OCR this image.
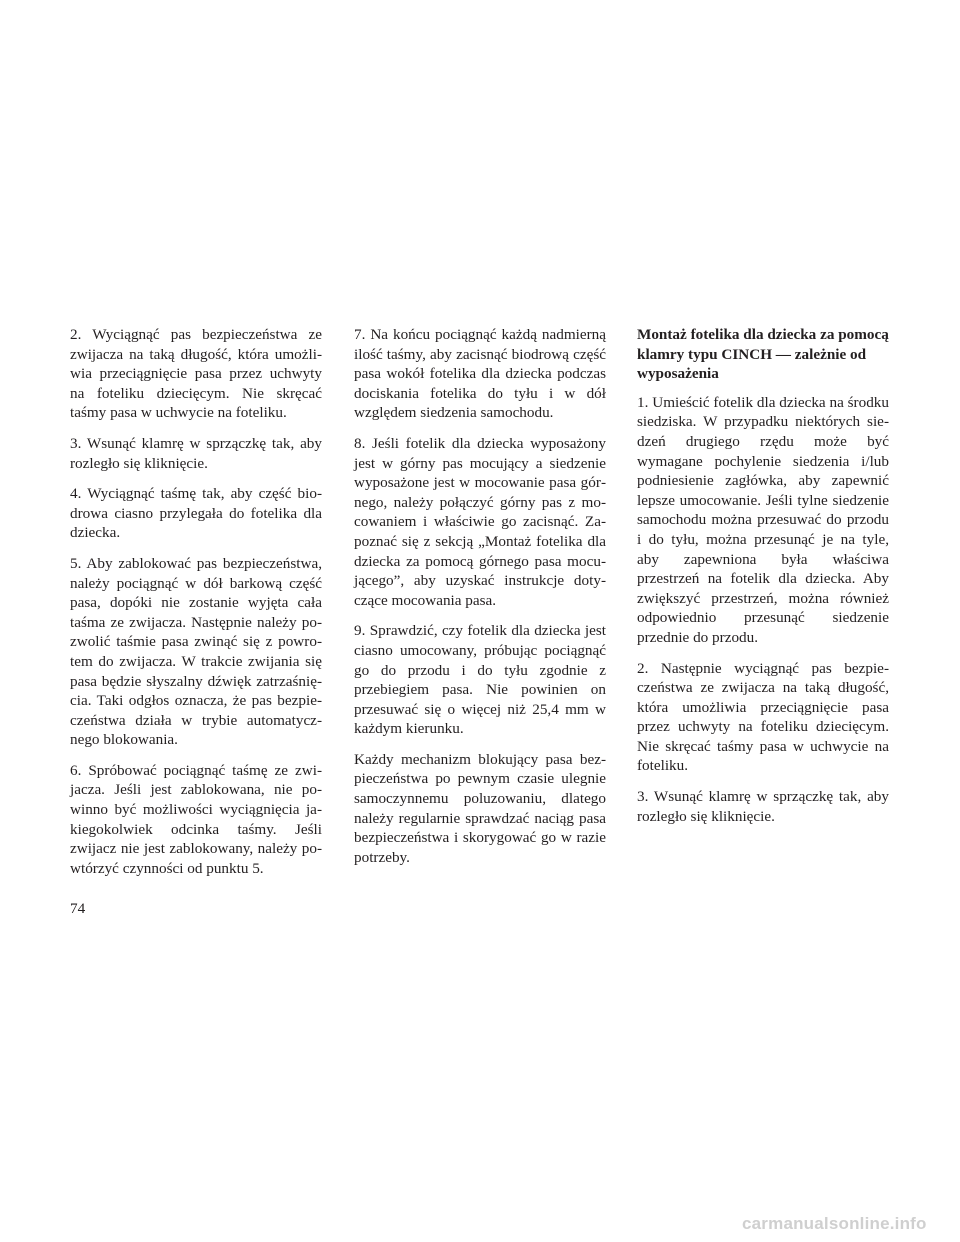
2. Wyciągnąć pas bezpieczeństwa ze zwijacza na taką długość, która umożliwia przeciągnięcie pasa przez uchwyty na foteliku dziecięcym. Nie skręcać taśmy pasa w uchwycie na foteliku.

3. Wsunąć klamrę w sprzączkę tak, aby rozległo się kliknięcie.

4. Wyciągnąć taśmę tak, aby część biodrowa ciasno przylegała do fotelika dla dziecka.

5. Aby zablokować pas bezpieczeństwa, należy pociągnąć w dół barkową część pasa, dopóki nie zostanie wyjęta cała taśma ze zwijacza. Następnie należy pozwolić taśmie pasa zwinąć się z powrotem do zwijacza. W trakcie zwijania się pasa będzie słyszalny dźwięk zatrzaśnięcia. Taki odgłos oznacza, że pas bezpieczeństwa działa w trybie automatycznego blokowania.

6. Spróbować pociągnąć taśmę ze zwijacza. Jeśli jest zablokowana, nie powinno być możliwości wyciągnięcia jakiegokolwiek odcinka taśmy. Jeśli zwijacz nie jest zablokowany, należy powtórzyć czynności od punktu 5.

7. Na końcu pociągnąć każdą nadmierną ilość taśmy, aby zacisnąć biodrową część pasa wokół fotelika dla dziecka podczas dociskania fotelika do tyłu i w dół względem siedzenia samochodu.

8. Jeśli fotelik dla dziecka wyposażony jest w górny pas mocujący a siedzenie wyposażone jest w mocowanie pasa górnego, należy połączyć górny pas z mocowaniem i właściwie go zacisnąć. Zapoznać się z sekcją „Montaż fotelika dla dziecka za pomocą górnego pasa mocującego”, aby uzyskać instrukcje dotyczące mocowania pasa.

9. Sprawdzić, czy fotelik dla dziecka jest ciasno umocowany, próbując pociągnąć go do przodu i do tyłu zgodnie z przebiegiem pasa. Nie powinien on przesuwać się o więcej niż 25,4 mm w każdym kierunku.

Każdy mechanizm blokujący pasa bezpieczeństwa po pewnym czasie ulegnie samoczynnemu poluzowaniu, dlatego należy regularnie sprawdzać naciąg pasa bezpieczeństwa i skorygować go w razie potrzeby.

Montaż fotelika dla dziecka za pomocą klamry typu CINCH — zależnie od wyposażenia

1. Umieścić fotelik dla dziecka na środku siedziska. W przypadku niektórych siedzeń drugiego rzędu może być wymagane pochylenie siedzenia i/lub podniesienie zagłówka, aby zapewnić lepsze umocowanie. Jeśli tylne siedzenie samochodu można przesuwać do przodu i do tyłu, można przesunąć je na tyle, aby zapewniona była właściwa przestrzeń na fotelik dla dziecka. Aby zwiększyć przestrzeń, można również odpowiednio przesunąć siedzenie przednie do przodu.

2. Następnie wyciągnąć pas bezpieczeństwa ze zwijacza na taką długość, która umożliwia przeciągnięcie pasa przez uchwyty na foteliku dziecięcym. Nie skręcać taśmy pasa w uchwycie na foteliku.

3. Wsunąć klamrę w sprzączkę tak, aby rozległo się kliknięcie.

74
carmanualsonline.info
